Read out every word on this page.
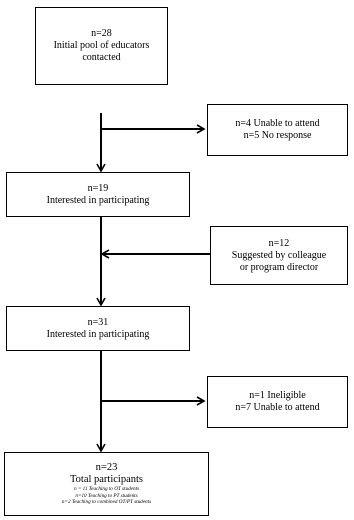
n=28
Initial pool of educators
contacted
n=4 Unable to attend
n=5 No response
n=19
Interested in participating
n=12
Suggested by colleague
or program director
n=31
Interested in participating
n=1 Ineligible
n=7 Unable to attend
n=23
Total participants
n = 11 Teaching to OT students
n=10 Teaching to PT students
n=2 Teaching to combined OT/PT students
